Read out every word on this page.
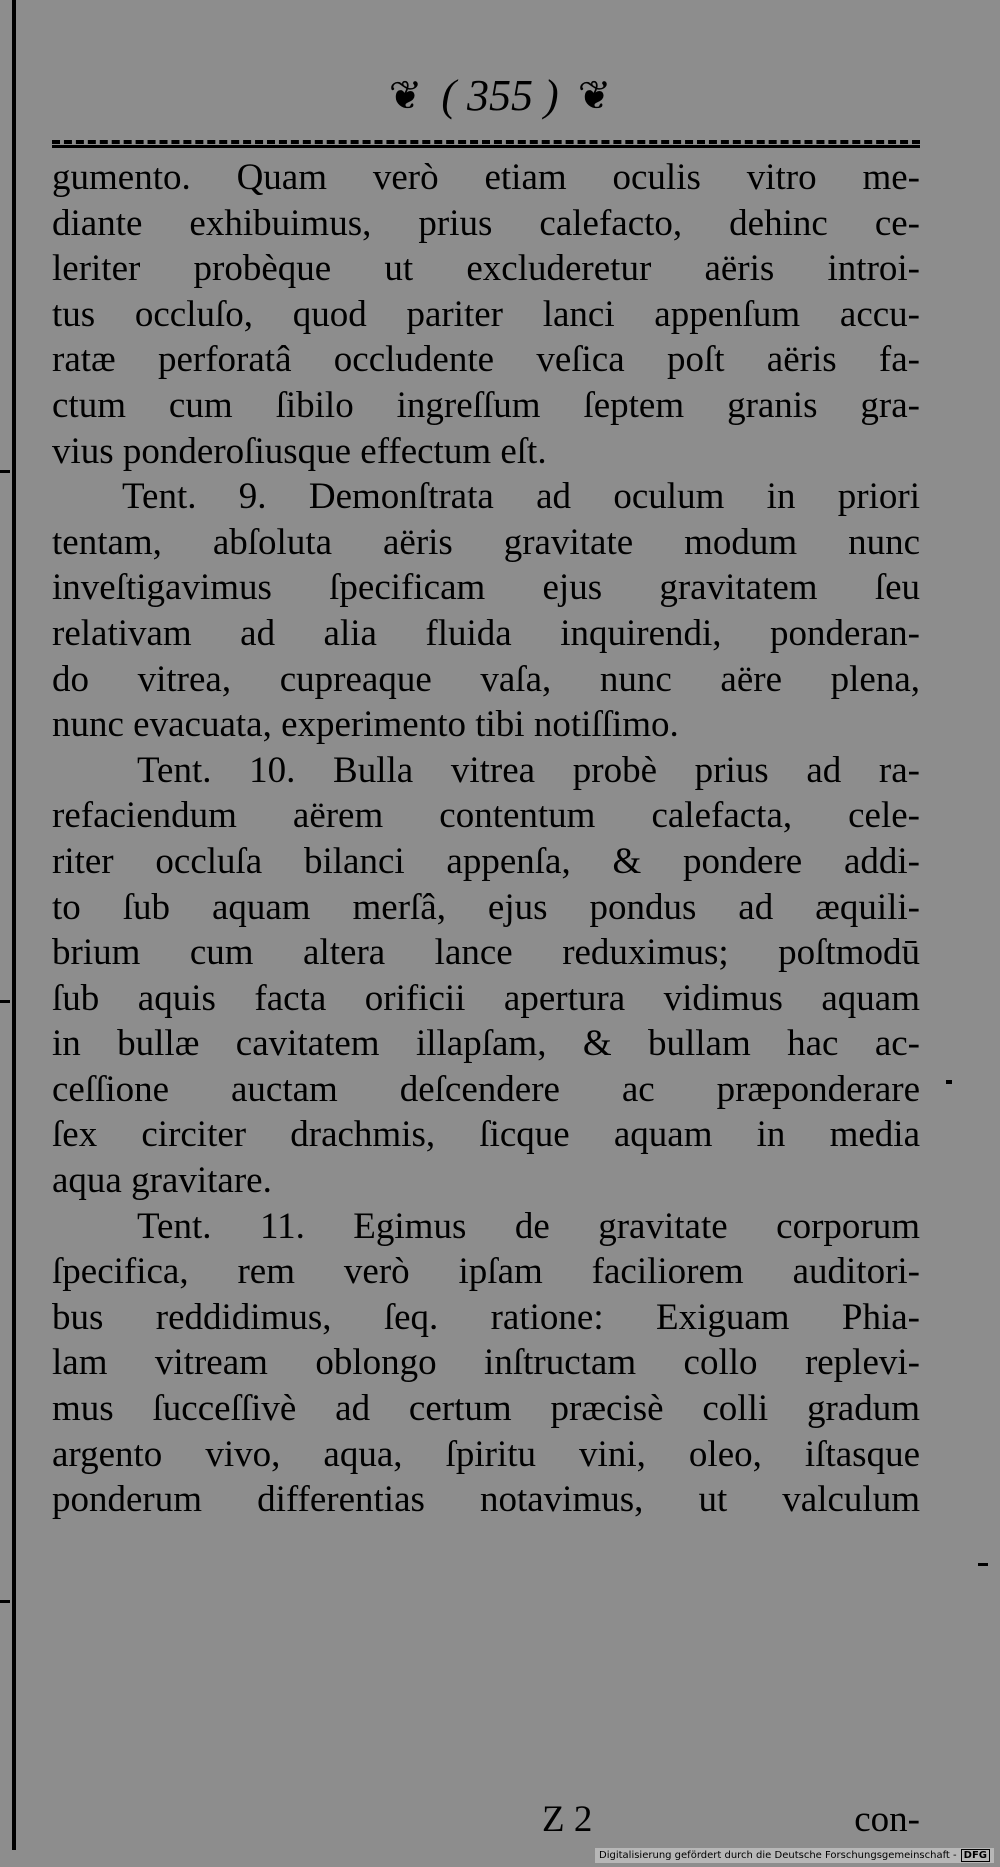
❦ ( 355 ) ❦
gumento. Quam verò etiam oculis vitro me-
diante exhibuimus, prius calefacto, dehinc ce-
leriter probèque ut excluderetur aëris introi-
tus occluſo, quod pariter lanci appenſum accu-
ratæ perforatâ occludente veſica poſt aëris fa-
ctum cum ſibilo ingreſſum ſeptem granis gra-
vius ponderoſiusque effectum eſt.
Tent. 9. Demonſtrata ad oculum in priori
tentam, abſoluta aëris gravitate modum nunc
inveſtigavimus ſpecificam ejus gravitatem ſeu
relativam ad alia fluida inquirendi, ponderan-
do vitrea, cupreaque vaſa, nunc aëre plena,
nunc evacuata, experimento tibi notiſſimo.
Tent. 10. Bulla vitrea probè prius ad ra-
refaciendum aërem contentum calefacta, cele-
riter occluſa bilanci appenſa, & pondere addi-
to ſub aquam merſâ, ejus pondus ad æquili-
brium cum altera lance reduximus; poſtmodū
ſub aquis facta orificii apertura vidimus aquam
in bullæ cavitatem illapſam, & bullam hac ac-
ceſſione auctam deſcendere ac præponderare
ſex circiter drachmis, ſicque aquam in media
aqua gravitare.
Tent. 11. Egimus de gravitate corporum
ſpecifica, rem verò ipſam faciliorem auditori-
bus reddidimus, ſeq. ratione: Exiguam Phia-
lam vitream oblongo inſtructam collo replevi-
mus ſucceſſivè ad certum præcisè colli gradum
argento vivo, aqua, ſpiritu vini, oleo, iſtasque
ponderum differentias notavimus, ut valculum
Z 2	con-
Digitalisierung gefördert durch die Deutsche Forschungsgemeinschaft - DFG
